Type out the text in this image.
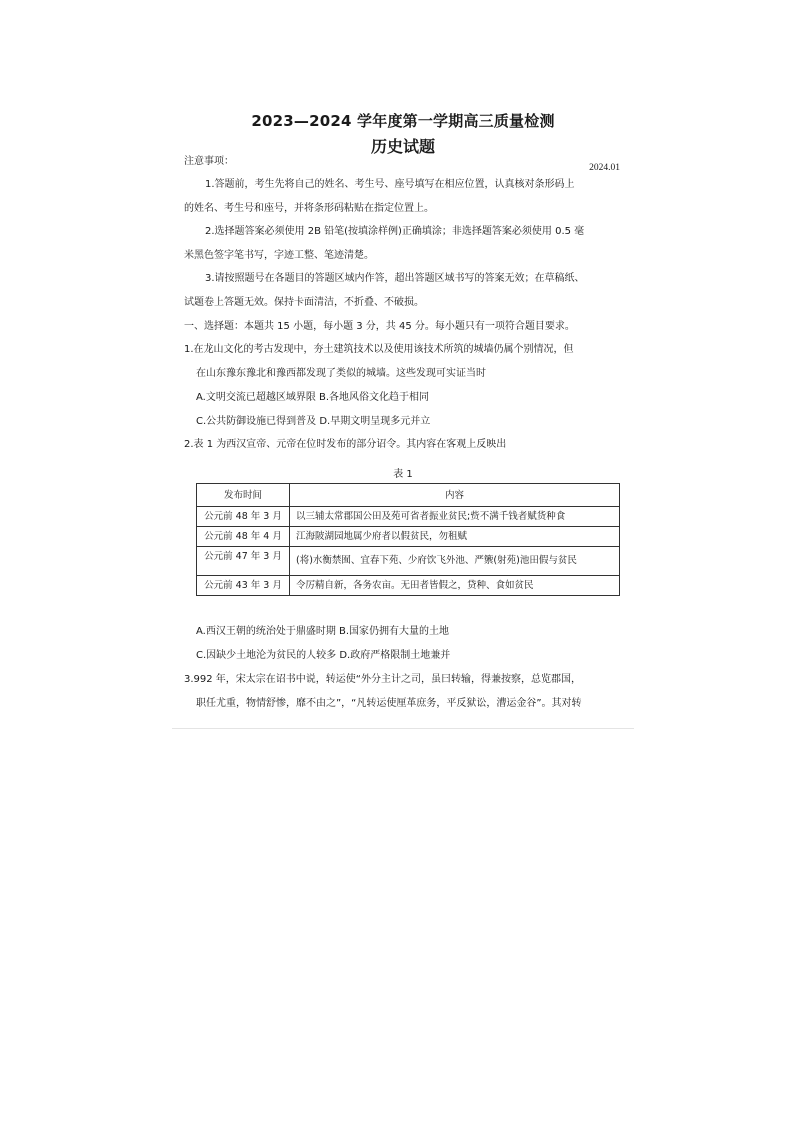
2023—2024 学年度第一学期高三质量检测
历史试题
注意事项：
2024.01
1.答题前，考生先将自己的姓名、考生号、座号填写在相应位置，认真核对条形码上
的姓名、考生号和座号，并将条形码粘贴在指定位置上。
2.选择题答案必须使用 2B 铅笔(按填涂样例)正确填涂；非选择题答案必须使用 0.5 毫
米黑色签字笔书写，字迹工整、笔迹清楚。
3.请按照题号在各题目的答题区域内作答，超出答题区域书写的答案无效；在草稿纸、
试题卷上答题无效。保持卡面清洁，不折叠、不破损。
一、选择题：本题共 15 小题，每小题 3 分，共 45 分。每小题只有一项符合题目要求。
1.在龙山文化的考古发现中，夯土建筑技术以及使用该技术所筑的城墙仍属个别情况，但
在山东豫东豫北和豫西都发现了类似的城墙。这些发现可实证当时
A.文明交流已超越区域界限 B.各地风俗文化趋于相同
C.公共防御设施已得到普及 D.早期文明呈现多元并立
2.表 1 为西汉宣帝、元帝在位时发布的部分诏令。其内容在客观上反映出
表 1
发布时间	内容
公元前 48 年 3 月	以三辅太常郡国公田及苑可省者振业贫民;赀不满千钱者赋货种食
公元前 48 年 4 月	江海陂湖园地属少府者以假贫民，勿租赋
公元前 47 年 3 月	(将)水衡禁囿、宜春下苑、少府饮飞外池、严籞(射苑)池田假与贫民
公元前 43 年 3 月	令厉精自新，各务农亩。无田者皆假之，贷种、食如贫民
A.西汉王朝的统治处于鼎盛时期 B.国家仍拥有大量的土地
C.因缺少土地沦为贫民的人较多 D.政府严格限制土地兼并
3.992 年，宋太宗在诏书中说，转运使“外分主计之司，虽曰转输，得兼按察，总览郡国，
职任尤重，物情舒惨，靡不由之”，“凡转运使厘革庶务，平反狱讼，漕运金谷”。其对转
